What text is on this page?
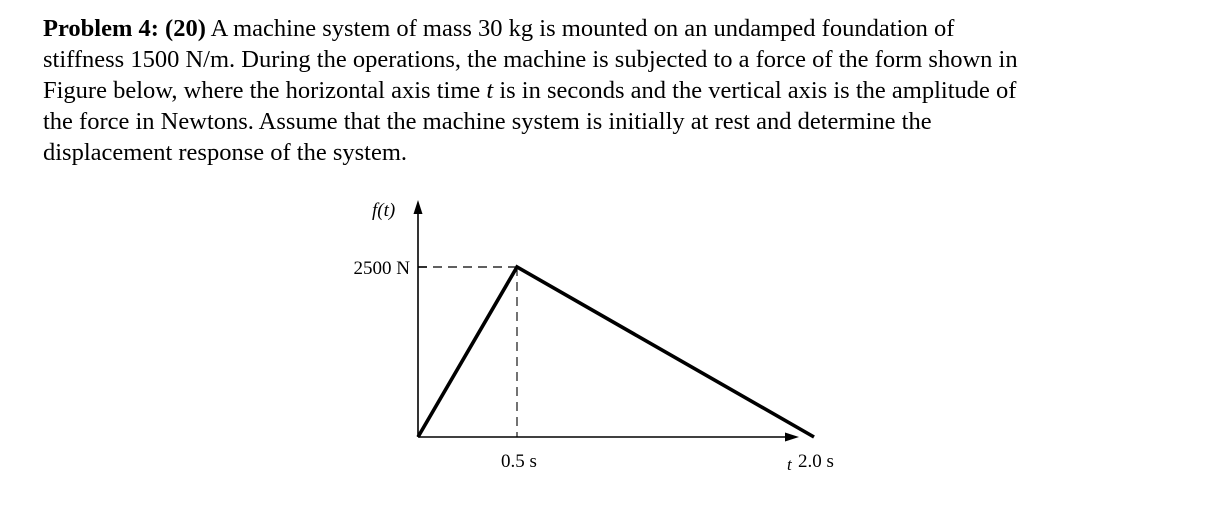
Problem 4: (20) A machine system of mass 30 kg is mounted on an undamped foundation of
stiffness 1500 N/m. During the operations, the machine is subjected to a force of the form shown in
Figure below, where the horizontal axis time t is in seconds and the vertical axis is the amplitude of
the force in Newtons. Assume that the machine system is initially at rest and determine the
displacement response of the system.
f(t)
t
2500 N
0.5 s	2.0 s
